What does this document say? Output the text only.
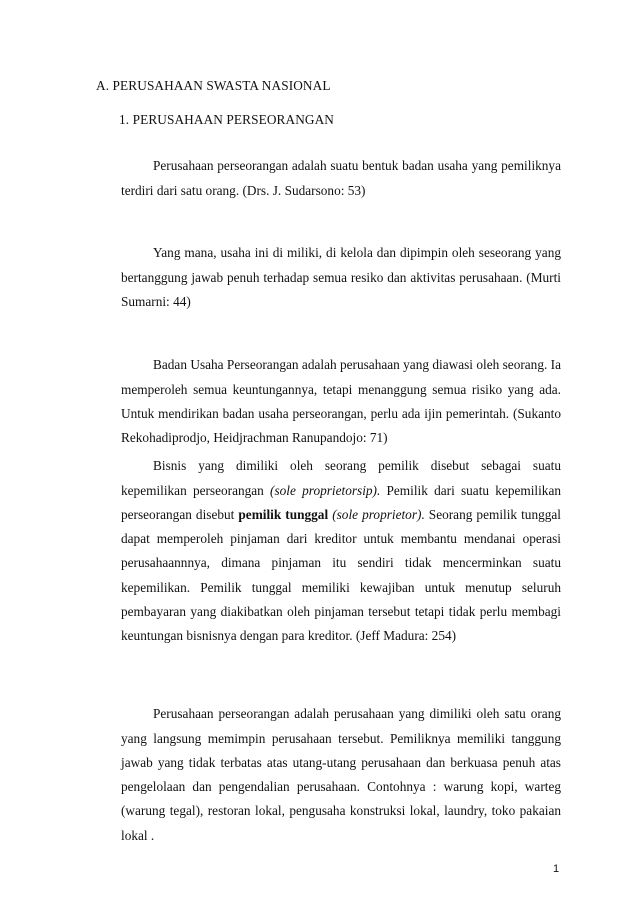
A. PERUSAHAAN SWASTA NASIONAL
1. PERUSAHAAN PERSEORANGAN

Perusahaan perseorangan adalah suatu bentuk badan usaha yang pemiliknya terdiri dari satu orang. (Drs. J. Sudarsono: 53)

Yang mana, usaha ini di miliki, di kelola dan dipimpin oleh seseorang yang bertanggung jawab penuh terhadap semua resiko dan aktivitas perusahaan. (Murti Sumarni: 44)

Badan Usaha Perseorangan adalah perusahaan yang diawasi oleh seorang. Ia memperoleh semua keuntungannya, tetapi menanggung semua risiko yang ada. Untuk mendirikan badan usaha perseorangan, perlu ada ijin pemerintah. (Sukanto Rekohadiprodjo, Heidjrachman Ranupandojo: 71)

Bisnis yang dimiliki oleh seorang pemilik disebut sebagai suatu kepemilikan perseorangan (sole proprietorsip). Pemilik dari suatu kepemilikan perseorangan disebut pemilik tunggal (sole proprietor). Seorang pemilik tunggal dapat memperoleh pinjaman dari kreditor untuk membantu mendanai operasi perusahaannnya, dimana pinjaman itu sendiri tidak mencerminkan suatu kepemilikan. Pemilik tunggal memiliki kewajiban untuk menutup seluruh pembayaran yang diakibatkan oleh pinjaman tersebut tetapi tidak perlu membagi keuntungan bisnisnya dengan para kreditor. (Jeff Madura: 254)

Perusahaan perseorangan adalah perusahaan yang dimiliki oleh satu orang yang langsung memimpin perusahaan tersebut. Pemiliknya memiliki tanggung jawab yang tidak terbatas atas utang-utang perusahaan dan berkuasa penuh atas pengelolaan dan pengendalian perusahaan. Contohnya : warung kopi, warteg (warung tegal), restoran lokal, pengusaha konstruksi lokal, laundry, toko pakaian lokal .

1
